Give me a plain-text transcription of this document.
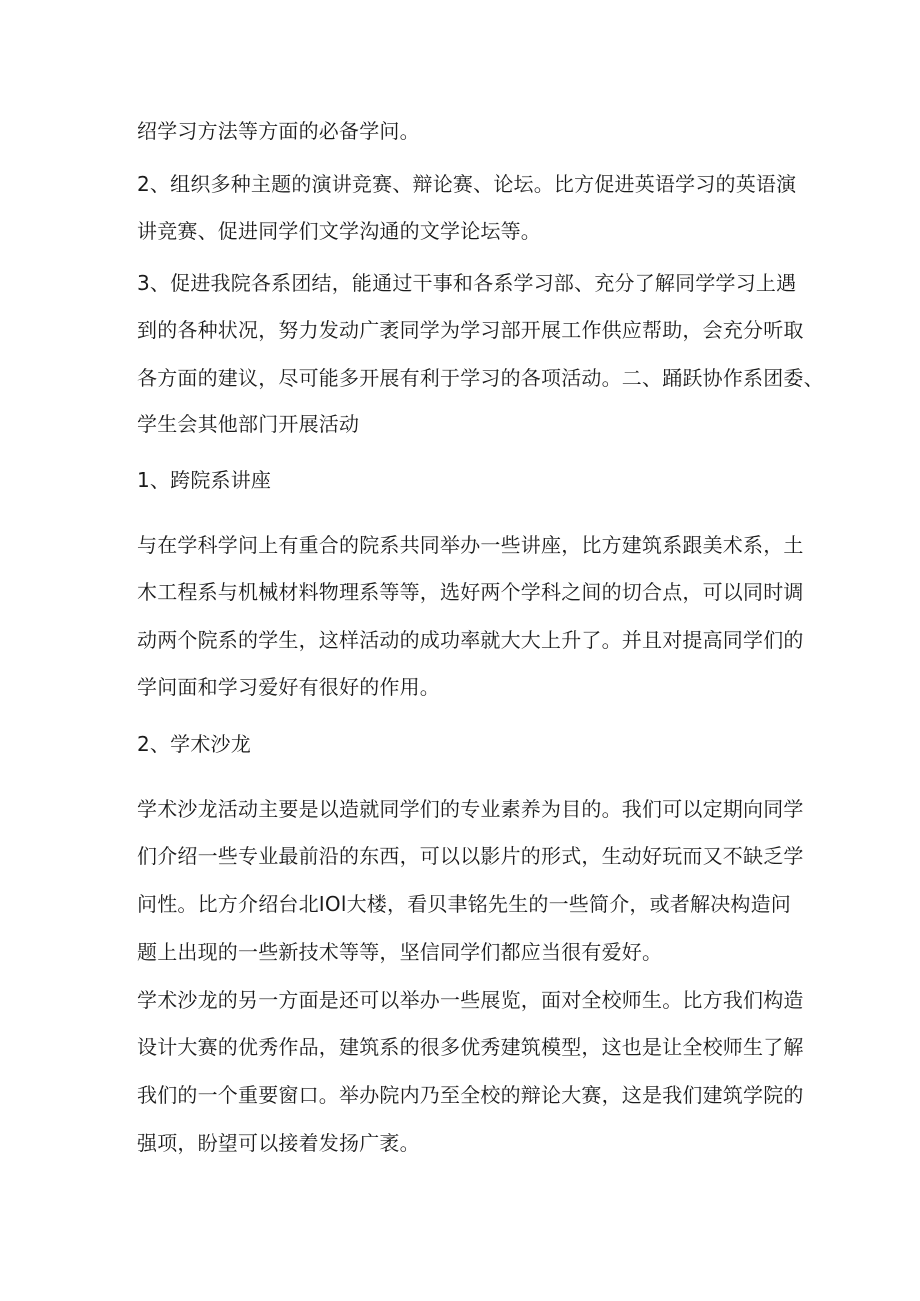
绍学习方法等方面的必备学问。

2、组织多种主题的演讲竞赛、辩论赛、论坛。比方促进英语学习的英语演

讲竞赛、促进同学们文学沟通的文学论坛等。

3、促进我院各系团结，能通过干事和各系学习部、充分了解同学学习上遇

到的各种状况，努力发动广袤同学为学习部开展工作供应帮助，会充分听取

各方面的建议，尽可能多开展有利于学习的各项活动。二、踊跃协作系团委、

学生会其他部门开展活动

1、跨院系讲座

与在学科学问上有重合的院系共同举办一些讲座，比方建筑系跟美术系，土

木工程系与机械材料物理系等等，选好两个学科之间的切合点，可以同时调

动两个院系的学生，这样活动的成功率就大大上升了。并且对提高同学们的

学问面和学习爱好有很好的作用。

2、学术沙龙

学术沙龙活动主要是以造就同学们的专业素养为目的。我们可以定期向同学

们介绍一些专业最前沿的东西，可以以影片的形式，生动好玩而又不缺乏学

问性。比方介绍台北IOl大楼，看贝聿铭先生的一些简介，或者解决构造问

题上出现的一些新技术等等，坚信同学们都应当很有爱好。

学术沙龙的另一方面是还可以举办一些展览，面对全校师生。比方我们构造

设计大赛的优秀作品，建筑系的很多优秀建筑模型，这也是让全校师生了解

我们的一个重要窗口。举办院内乃至全校的辩论大赛，这是我们建筑学院的

强项，盼望可以接着发扬广袤。
